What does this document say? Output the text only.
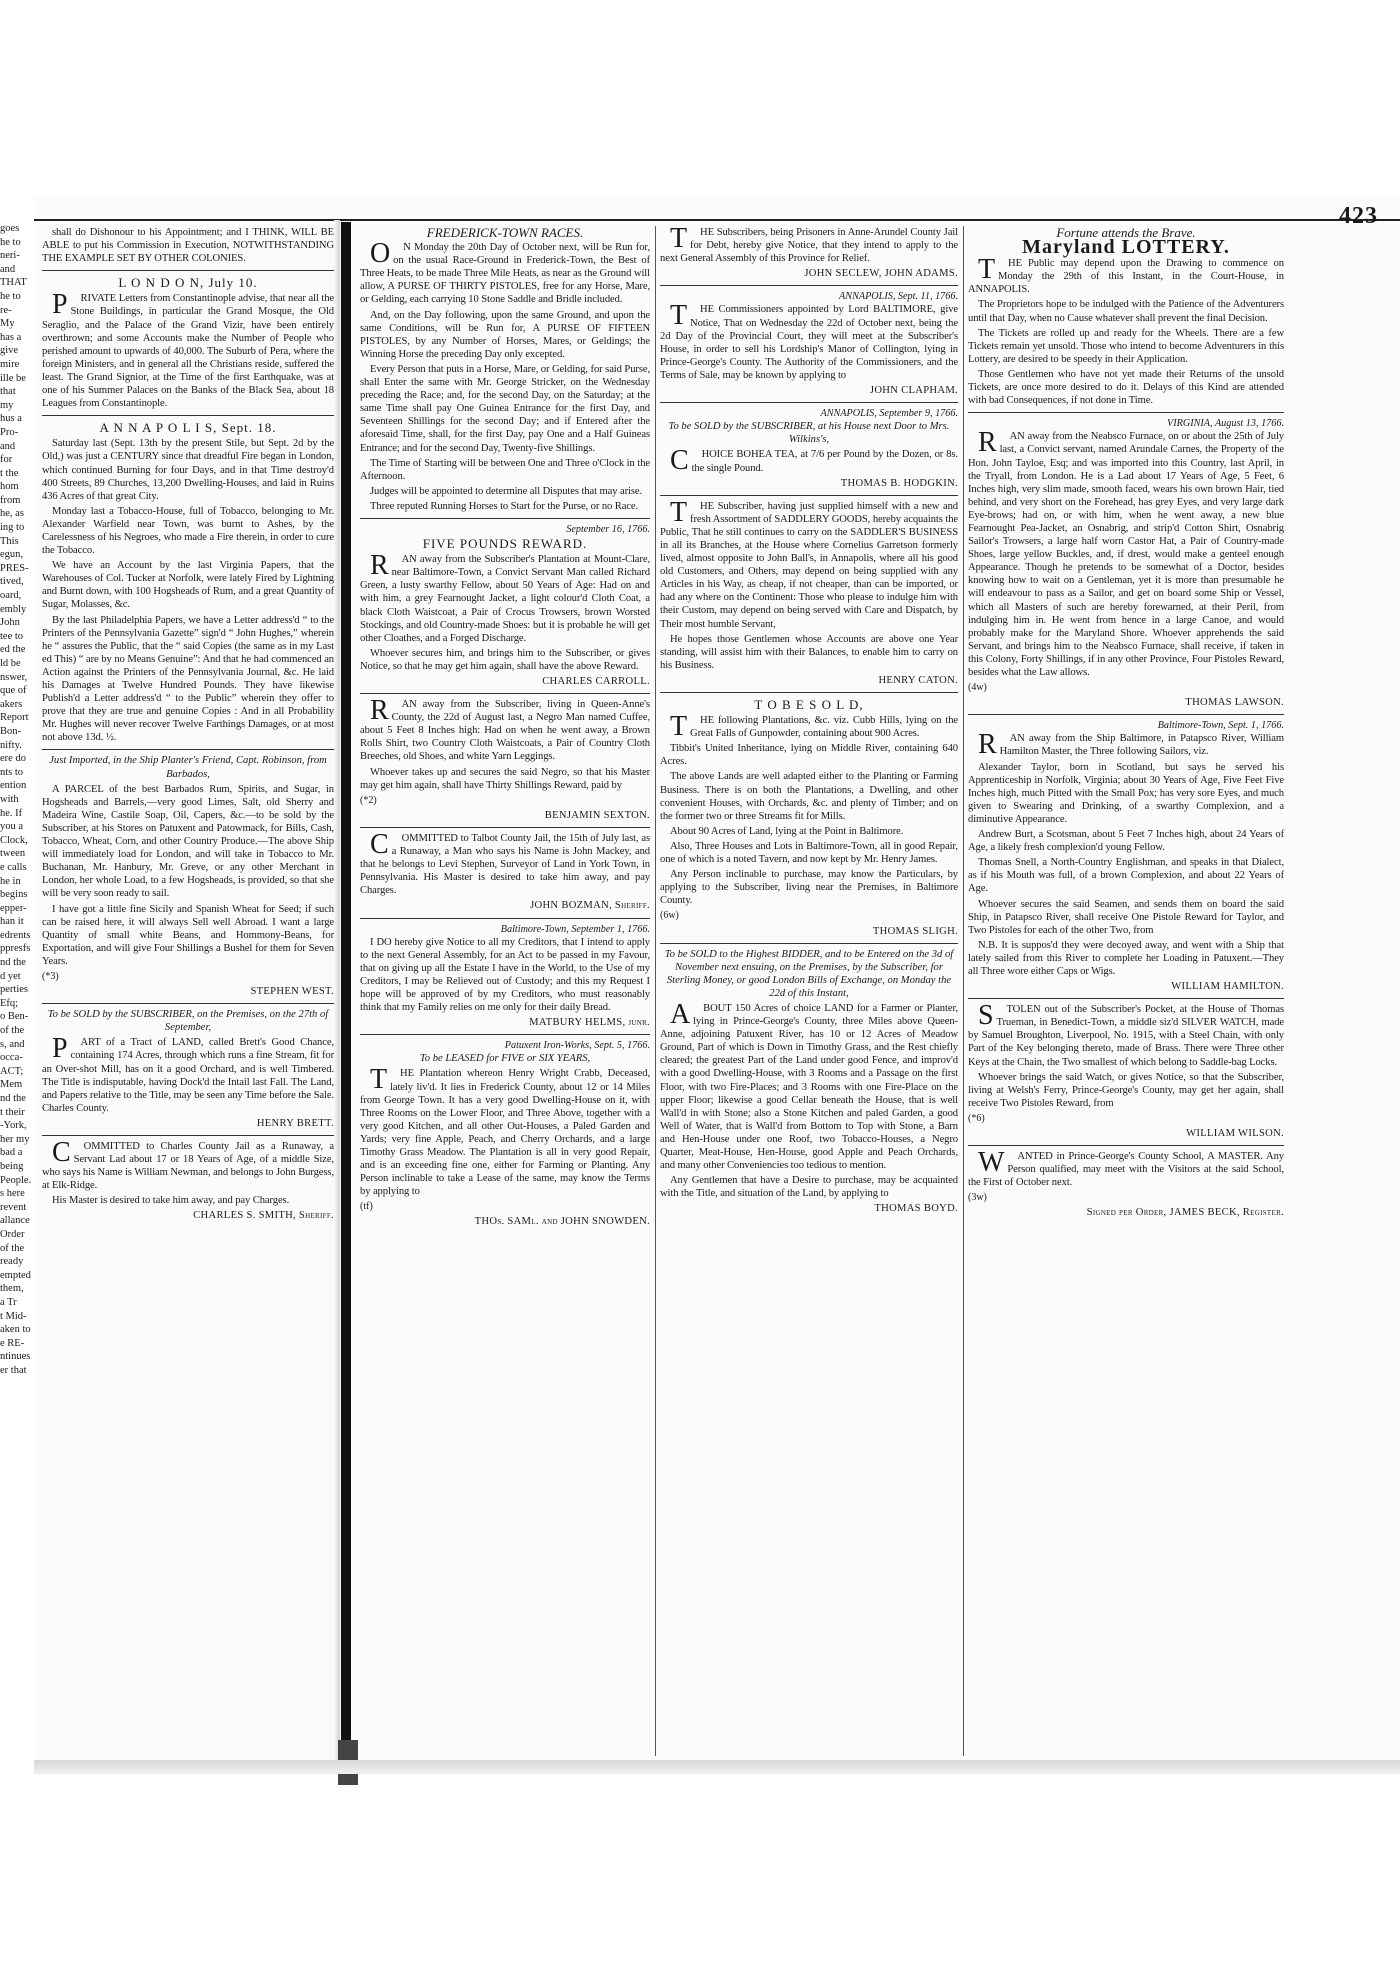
423
goes
he to
neri-
and
THAT
he to
re-
My
has a
give
mire
ille be
that
my
hus a
Pro-
and
for
t the
hom
from
he, as
ing to
This
egun,
PRES-
tived,
oard,
embly
John
tee to
ed the
ld be
nswer,
que of
akers
Report
Bon-
nifty.
ere do
nts to
ention
with
he. If
you a
Clock,
tween
e calls
he in
begins
epper-
han it
edrents
ppresfs
nd the
d yet
perties
Efq;
o Ben-
of the
s, and
occa-
ACT;
Mem
nd the
t their
-York,
her my
bad a
being
People.
s here
revent
allance
Order
of the
ready
empted
them,
a Tr
t Mid-
aken to
e RE-
ntinues
er that

shall do Dishonour to his Appointment; and I THINK, WILL BE ABLE to put his Commission in Execution, NOTWITHSTANDING THE EXAMPLE SET BY OTHER COLONIES.

L O N D O N, July 10.

PRIVATE Letters from Constantinople advise, that near all the Stone Buildings, in particular the Grand Mosque, the Old Seraglio, and the Palace of the Grand Vizir, have been entirely overthrown; and some Accounts make the Number of People who perished amount to upwards of 40,000. The Suburb of Pera, where the foreign Ministers, and in general all the Christians reside, suffered the least. The Grand Signior, at the Time of the first Earthquake, was at one of his Summer Palaces on the Banks of the Black Sea, about 18 Leagues from Constantinople.

A N N A P O L I S, Sept. 18.

Saturday last (Sept. 13th by the present Stile, but Sept. 2d by the Old,) was just a CENTURY since that dreadful Fire began in London, which continued Burning for four Days, and in that Time destroy'd 400 Streets, 89 Churches, 13,200 Dwelling-Houses, and laid in Ruins 436 Acres of that great City.

Monday last a Tobacco-House, full of Tobacco, belonging to Mr. Alexander Warfield near Town, was burnt to Ashes, by the Carelessness of his Negroes, who made a Fire therein, in order to cure the Tobacco.

We have an Account by the last Virginia Papers, that the Warehouses of Col. Tucker at Norfolk, were lately Fired by Lightning and Burnt down, with 100 Hogsheads of Rum, and a great Quantity of Sugar, Molasses, &c.

By the last Philadelphia Papers, we have a Letter address'd “ to the Printers of the Pennsylvania Gazette” sign'd “ John Hughes,” wherein he “ assures the Public, that the “ said Copies (the same as in my Last ed This) “ are by no Means Genuine”: And that he had commenced an Action against the Printers of the Pennsylvania Journal, &c. He laid his Damages at Twelve Hundred Pounds. They have likewise Publish'd a Letter address'd “ to the Public” wherein they offer to prove that they are true and genuine Copies : And in all Probability Mr. Hughes will never recover Twelve Farthings Damages, or at most not above 13d. ½.

Just Imported, in the Ship Planter's Friend, Capt. Robinson, from Barbados,

A PARCEL of the best Barbados Rum, Spirits, and Sugar, in Hogsheads and Barrels,—very good Limes, Salt, old Sherry and Madeira Wine, Castile Soap, Oil, Capers, &c.—to be sold by the Subscriber, at his Stores on Patuxent and Patowmack, for Bills, Cash, Tobacco, Wheat, Corn, and other Country Produce.—The above Ship will immediately load for London, and will take in Tobacco to Mr. Buchanan, Mr. Hanbury, Mr. Greve, or any other Merchant in London, her whole Load, to a few Hogsheads, is provided, so that she will be very soon ready to sail.

I have got a little fine Sicily and Spanish Wheat for Seed; if such can be raised here, it will always Sell well Abroad. I want a large Quantity of small white Beans, and Hommony-Beans, for Exportation, and will give Four Shillings a Bushel for them for Seven Years.

(*3)
STEPHEN WEST.
To be SOLD by the SUBSCRIBER, on the Premises, on the 27th of September,

PART of a Tract of LAND, called Brett's Good Chance, containing 174 Acres, through which runs a fine Stream, fit for an Over-shot Mill, has on it a good Orchard, and is well Timbered. The Title is indisputable, having Dock'd the Intail last Fall. The Land, and Papers relative to the Title, may be seen any Time before the Sale. Charles County.

HENRY BRETT.

COMMITTED to Charles County Jail as a Runaway, a Servant Lad about 17 or 18 Years of Age, of a middle Size, who says his Name is William Newman, and belongs to John Burgess, at Elk-Ridge.

His Master is desired to take him away, and pay Charges.

CHARLES S. SMITH, Sheriff.
FREDERICK-TOWN RACES.

ON Monday the 20th Day of October next, will be Run for, on the usual Race-Ground in Frederick-Town, the Best of Three Heats, to be made Three Mile Heats, as near as the Ground will allow, A PURSE OF THIRTY PISTOLES, free for any Horse, Mare, or Gelding, each carrying 10 Stone Saddle and Bridle included.

And, on the Day following, upon the same Ground, and upon the same Conditions, will be Run for, A PURSE OF FIFTEEN PISTOLES, by any Number of Horses, Mares, or Geldings; the Winning Horse the preceding Day only excepted.

Every Person that puts in a Horse, Mare, or Gelding, for said Purse, shall Enter the same with Mr. George Stricker, on the Wednesday preceding the Race; and, for the second Day, on the Saturday; at the same Time shall pay One Guinea Entrance for the first Day, and Seventeen Shillings for the second Day; and if Entered after the aforesaid Time, shall, for the first Day, pay One and a Half Guineas Entrance; and for the second Day, Twenty-five Shillings.

The Time of Starting will be between One and Three o'Clock in the Afternoon.

Judges will be appointed to determine all Disputes that may arise.

Three reputed Running Horses to Start for the Purse, or no Race.

September 16, 1766.
FIVE POUNDS REWARD.

RAN away from the Subscriber's Plantation at Mount-Clare, near Baltimore-Town, a Convict Servant Man called Richard Green, a lusty swarthy Fellow, about 50 Years of Age: Had on and with him, a grey Fearnought Jacket, a light colour'd Cloth Coat, a black Cloth Waistcoat, a Pair of Crocus Trowsers, brown Worsted Stockings, and old Country-made Shoes: but it is probable he will get other Cloathes, and a Forged Discharge.

Whoever secures him, and brings him to the Subscriber, or gives Notice, so that he may get him again, shall have the above Reward.

CHARLES CARROLL.

RAN away from the Subscriber, living in Queen-Anne's County, the 22d of August last, a Negro Man named Cuffee, about 5 Feet 8 Inches high: Had on when he went away, a Brown Rolls Shirt, two Country Cloth Waistcoats, a Pair of Country Cloth Breeches, old Shoes, and white Yarn Leggings.

Whoever takes up and secures the said Negro, so that his Master may get him again, shall have Thirty Shillings Reward, paid by

(*2)
BENJAMIN SEXTON.

COMMITTED to Talbot County Jail, the 15th of July last, as a Runaway, a Man who says his Name is John Mackey, and that he belongs to Levi Stephen, Surveyor of Land in York Town, in Pennsylvania. His Master is desired to take him away, and pay Charges.

JOHN BOZMAN, Sheriff.
Baltimore-Town, September 1, 1766.

I DO hereby give Notice to all my Creditors, that I intend to apply to the next General Assembly, for an Act to be passed in my Favour, that on giving up all the Estate I have in the World, to the Use of my Creditors, I may be Relieved out of Custody; and this my Request I hope will be approved of by my Creditors, who must reasonably think that my Family relies on me only for their daily Bread.

MATBURY HELMS, junr.
Patuxent Iron-Works, Sept. 5, 1766.
To be LEASED for FIVE or SIX YEARS,

THE Plantation whereon Henry Wright Crabb, Deceased, lately liv'd. It lies in Frederick County, about 12 or 14 Miles from George Town. It has a very good Dwelling-House on it, with Three Rooms on the Lower Floor, and Three Above, together with a very good Kitchen, and all other Out-Houses, a Paled Garden and Yards; very fine Apple, Peach, and Cherry Orchards, and a large Timothy Grass Meadow. The Plantation is all in very good Repair, and is an exceeding fine one, either for Farming or Planting. Any Person inclinable to take a Lease of the same, may know the Terms by applying to

(tf)
THOs. SAMl. and JOHN SNOWDEN.

THE Subscribers, being Prisoners in Anne-Arundel County Jail for Debt, hereby give Notice, that they intend to apply to the next General Assembly of this Province for Relief.

JOHN SECLEW, JOHN ADAMS.
ANNAPOLIS, Sept. 11, 1766.

THE Commissioners appointed by Lord BALTIMORE, give Notice, That on Wednesday the 22d of October next, being the 2d Day of the Provincial Court, they will meet at the Subscriber's House, in order to sell his Lordship's Manor of Collington, lying in Prince-George's County. The Authority of the Commissioners, and the Terms of Sale, may be known by applying to

JOHN CLAPHAM.
ANNAPOLIS, September 9, 1766.
To be SOLD by the SUBSCRIBER, at his House next Door to Mrs. Wilkins's,

CHOICE BOHEA TEA, at 7/6 per Pound by the Dozen, or 8s. the single Pound.

THOMAS B. HODGKIN.

THE Subscriber, having just supplied himself with a new and fresh Assortment of SADDLERY GOODS, hereby acquaints the Public, That he still continues to carry on the SADDLER'S BUSINESS in all its Branches, at the House where Cornelius Garretson formerly lived, almost opposite to John Ball's, in Annapolis, where all his good old Customers, and Others, may depend on being supplied with any Articles in his Way, as cheap, if not cheaper, than can be imported, or had any where on the Continent: Those who please to indulge him with their Custom, may depend on being served with Care and Dispatch, by Their most humble Servant,

He hopes those Gentlemen whose Accounts are above one Year standing, will assist him with their Balances, to enable him to carry on his Business.

HENRY CATON.
T O B E S O L D,

THE following Plantations, &c. viz. Cubb Hills, lying on the Great Falls of Gunpowder, containing about 900 Acres.

Tibbit's United Inheritance, lying on Middle River, containing 640 Acres.

The above Lands are well adapted either to the Planting or Farming Business. There is on both the Plantations, a Dwelling, and other convenient Houses, with Orchards, &c. and plenty of Timber; and on the former two or three Streams fit for Mills.

About 90 Acres of Land, lying at the Point in Baltimore.

Also, Three Houses and Lots in Baltimore-Town, all in good Repair, one of which is a noted Tavern, and now kept by Mr. Henry James.

Any Person inclinable to purchase, may know the Particulars, by applying to the Subscriber, living near the Premises, in Baltimore County.

(6w)
THOMAS SLIGH.
To be SOLD to the Highest BIDDER, and to be Entered on the 3d of November next ensuing, on the Premises, by the Subscriber, for Sterling Money, or good London Bills of Exchange, on Monday the 22d of this Instant,

ABOUT 150 Acres of choice LAND for a Farmer or Planter, lying in Prince-George's County, three Miles above Queen-Anne, adjoining Patuxent River, has 10 or 12 Acres of Meadow Ground, Part of which is Down in Timothy Grass, and the Rest chiefly cleared; the greatest Part of the Land under good Fence, and improv'd with a good Dwelling-House, with 3 Rooms and a Passage on the first Floor, with two Fire-Places; and 3 Rooms with one Fire-Place on the upper Floor; likewise a good Cellar beneath the House, that is well Wall'd in with Stone; also a Stone Kitchen and paled Garden, a good Well of Water, that is Wall'd from Bottom to Top with Stone, a Barn and Hen-House under one Roof, two Tobacco-Houses, a Negro Quarter, Meat-House, Hen-House, good Apple and Peach Orchards, and many other Conveniencies too tedious to mention.

Any Gentlemen that have a Desire to purchase, may be acquainted with the Title, and situation of the Land, by applying to

THOMAS BOYD.
Fortune attends the Brave.
Maryland LOTTERY.

THE Public may depend upon the Drawing to commence on Monday the 29th of this Instant, in the Court-House, in ANNAPOLIS.

The Proprietors hope to be indulged with the Patience of the Adventurers until that Day, when no Cause whatever shall prevent the final Decision.

The Tickets are rolled up and ready for the Wheels. There are a few Tickets remain yet unsold. Those who intend to become Adventurers in this Lottery, are desired to be speedy in their Application.

Those Gentlemen who have not yet made their Returns of the unsold Tickets, are once more desired to do it. Delays of this Kind are attended with bad Consequences, if not done in Time.

VIRGINIA, August 13, 1766.

RAN away from the Neabsco Furnace, on or about the 25th of July last, a Convict servant, named Arundale Carnes, the Property of the Hon. John Tayloe, Esq; and was imported into this Country, last April, in the Tryall, from London. He is a Lad about 17 Years of Age, 5 Feet, 6 Inches high, very slim made, smooth faced, wears his own brown Hair, tied behind, and very short on the Forehead, has grey Eyes, and very large dark Eye-brows; had on, or with him, when he went away, a new blue Fearnought Pea-Jacket, an Osnabrig, and strip'd Cotton Shirt, Osnabrig Sailor's Trowsers, a large half worn Castor Hat, a Pair of Country-made Shoes, large yellow Buckles, and, if drest, would make a genteel enough Appearance. Though he pretends to be somewhat of a Doctor, besides knowing how to wait on a Gentleman, yet it is more than presumable he will endeavour to pass as a Sailor, and get on board some Ship or Vessel, which all Masters of such are hereby forewarned, at their Peril, from indulging him in. He went from hence in a large Canoe, and would probably make for the Maryland Shore. Whoever apprehends the said Servant, and brings him to the Neabsco Furnace, shall receive, if taken in this Colony, Forty Shillings, if in any other Province, Four Pistoles Reward, besides what the Law allows.

(4w)
THOMAS LAWSON.
Baltimore-Town, Sept. 1, 1766.

RAN away from the Ship Baltimore, in Patapsco River, William Hamilton Master, the Three following Sailors, viz.

Alexander Taylor, born in Scotland, but says he served his Apprenticeship in Norfolk, Virginia; about 30 Years of Age, Five Feet Five Inches high, much Pitted with the Small Pox; has very sore Eyes, and much given to Swearing and Drinking, of a swarthy Complexion, and a diminutive Appearance.

Andrew Burt, a Scotsman, about 5 Feet 7 Inches high, about 24 Years of Age, a likely fresh complexion'd young Fellow.

Thomas Snell, a North-Country Englishman, and speaks in that Dialect, as if his Mouth was full, of a brown Complexion, and about 22 Years of Age.

Whoever secures the said Seamen, and sends them on board the said Ship, in Patapsco River, shall receive One Pistole Reward for Taylor, and Two Pistoles for each of the other Two, from

N.B. It is suppos'd they were decoyed away, and went with a Ship that lately sailed from this River to complete her Loading in Patuxent.—They all Three wore either Caps or Wigs.

WILLIAM HAMILTON.

STOLEN out of the Subscriber's Pocket, at the House of Thomas Trueman, in Benedict-Town, a middle siz'd SILVER WATCH, made by Samuel Broughton, Liverpool, No. 1915, with a Steel Chain, with only Part of the Key belonging thereto, made of Brass. There were Three other Keys at the Chain, the Two smallest of which belong to Saddle-bag Locks.

Whoever brings the said Watch, or gives Notice, so that the Subscriber, living at Welsh's Ferry, Prince-George's County, may get her again, shall receive Two Pistoles Reward, from

(*6)
WILLIAM WILSON.

WANTED in Prince-George's County School, A MASTER. Any Person qualified, may meet with the Visitors at the said School, the First of October next.

(3w)
Signed per Order, JAMES BECK, Register.
